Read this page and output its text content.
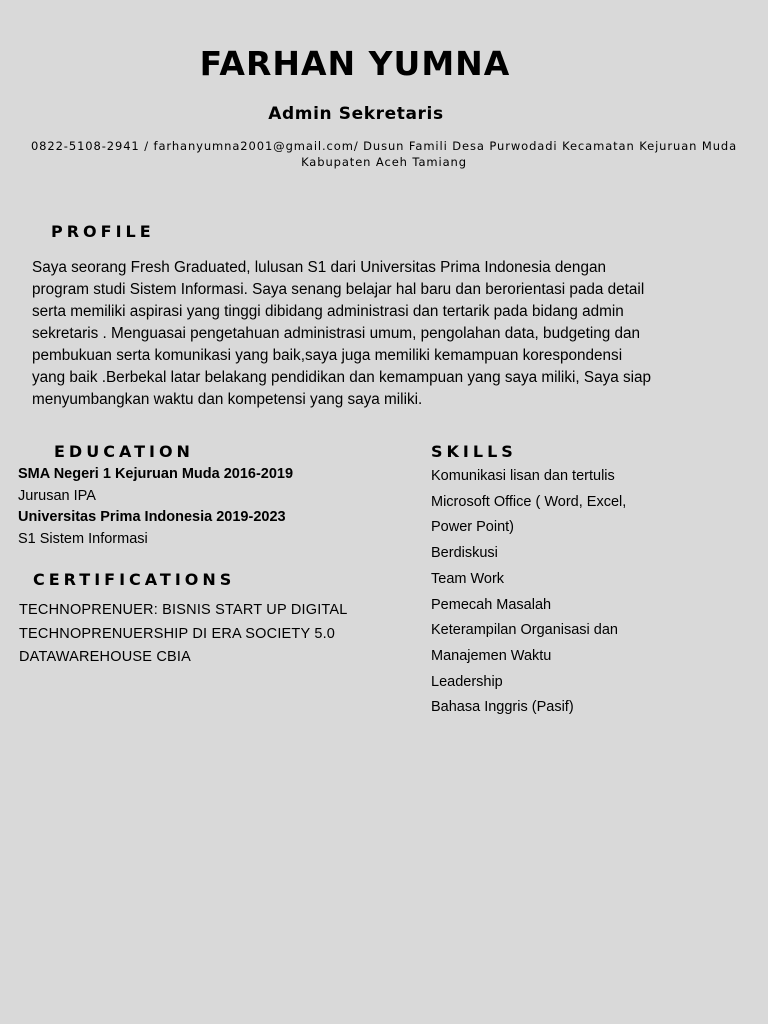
FARHAN YUMNA
Admin Sekretaris
0822-5108-2941 / farhanyumna2001@gmail.com/ Dusun Famili Desa Purwodadi Kecamatan Kejuruan Muda
Kabupaten Aceh Tamiang
PROFILE
Saya seorang Fresh Graduated, lulusan S1 dari Universitas Prima Indonesia dengan
program studi Sistem Informasi. Saya senang belajar hal baru dan berorientasi pada detail
serta memiliki aspirasi yang tinggi dibidang administrasi dan tertarik pada bidang admin
sekretaris . Menguasai pengetahuan administrasi umum, pengolahan data, budgeting dan
pembukuan serta komunikasi yang baik,saya juga memiliki kemampuan korespondensi
yang baik .Berbekal latar belakang pendidikan dan kemampuan yang saya miliki, Saya siap
menyumbangkan waktu dan kompetensi yang saya miliki.
EDUCATION
SMA Negeri 1 Kejuruan Muda 2016-2019
Jurusan IPA
Universitas Prima Indonesia 2019-2023
S1 Sistem Informasi
CERTIFICATIONS
TECHNOPRENUER: BISNIS START UP DIGITAL
TECHNOPRENUERSHIP DI ERA SOCIETY 5.0
DATAWAREHOUSE CBIA
SKILLS
Komunikasi lisan dan tertulis
Microsoft Office ( Word, Excel,
Power Point)
Berdiskusi
Team Work
Pemecah Masalah
Keterampilan Organisasi dan
Manajemen Waktu
Leadership
Bahasa Inggris (Pasif)
